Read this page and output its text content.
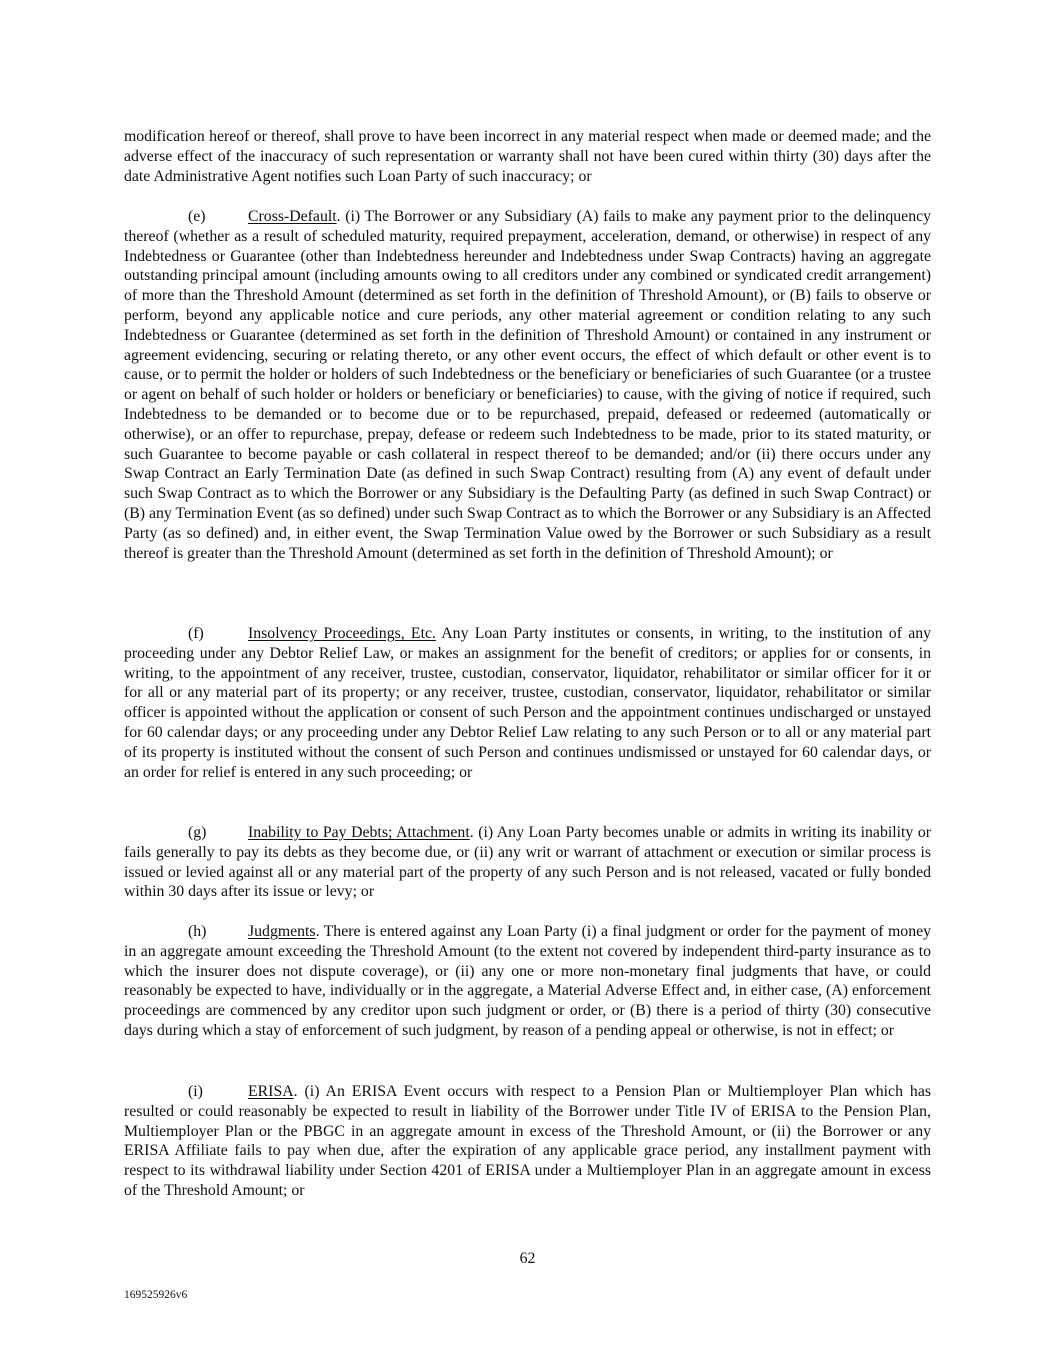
modification hereof or thereof, shall prove to have been incorrect in any material respect when made or deemed made; and the adverse effect of the inaccuracy of such representation or warranty shall not have been cured within thirty (30) days after the date Administrative Agent notifies such Loan Party of such inaccuracy; or

(e)	Cross-Default. (i) The Borrower or any Subsidiary (A) fails to make any payment prior to the delinquency thereof (whether as a result of scheduled maturity, required prepayment, acceleration, demand, or otherwise) in respect of any Indebtedness or Guarantee (other than Indebtedness hereunder and Indebtedness under Swap Contracts) having an aggregate outstanding principal amount (including amounts owing to all creditors under any combined or syndicated credit arrangement) of more than the Threshold Amount (determined as set forth in the definition of Threshold Amount), or (B) fails to observe or perform, beyond any applicable notice and cure periods, any other material agreement or condition relating to any such Indebtedness or Guarantee (determined as set forth in the definition of Threshold Amount) or contained in any instrument or agreement evidencing, securing or relating thereto, or any other event occurs, the effect of which default or other event is to cause, or to permit the holder or holders of such Indebtedness or the beneficiary or beneficiaries of such Guarantee (or a trustee or agent on behalf of such holder or holders or beneficiary or beneficiaries) to cause, with the giving of notice if required, such Indebtedness to be demanded or to become due or to be repurchased, prepaid, defeased or redeemed (automatically or otherwise), or an offer to repurchase, prepay, defease or redeem such Indebtedness to be made, prior to its stated maturity, or such Guarantee to become payable or cash collateral in respect thereof to be demanded; and/or (ii) there occurs under any Swap Contract an Early Termination Date (as defined in such Swap Contract) resulting from (A) any event of default under such Swap Contract as to which the Borrower or any Subsidiary is the Defaulting Party (as defined in such Swap Contract) or (B) any Termination Event (as so defined) under such Swap Contract as to which the Borrower or any Subsidiary is an Affected Party (as so defined) and, in either event, the Swap Termination Value owed by the Borrower or such Subsidiary as a result thereof is greater than the Threshold Amount (determined as set forth in the definition of Threshold Amount); or

(f)	Insolvency Proceedings, Etc. Any Loan Party institutes or consents, in writing, to the institution of any proceeding under any Debtor Relief Law, or makes an assignment for the benefit of creditors; or applies for or consents, in writing, to the appointment of any receiver, trustee, custodian, conservator, liquidator, rehabilitator or similar officer for it or for all or any material part of its property; or any receiver, trustee, custodian, conservator, liquidator, rehabilitator or similar officer is appointed without the application or consent of such Person and the appointment continues undischarged or unstayed for 60 calendar days; or any proceeding under any Debtor Relief Law relating to any such Person or to all or any material part of its property is instituted without the consent of such Person and continues undismissed or unstayed for 60 calendar days, or an order for relief is entered in any such proceeding; or

(g)	Inability to Pay Debts; Attachment. (i) Any Loan Party becomes unable or admits in writing its inability or fails generally to pay its debts as they become due, or (ii) any writ or warrant of attachment or execution or similar process is issued or levied against all or any material part of the property of any such Person and is not released, vacated or fully bonded within 30 days after its issue or levy; or

(h)	Judgments. There is entered against any Loan Party (i) a final judgment or order for the payment of money in an aggregate amount exceeding the Threshold Amount (to the extent not covered by independent third-party insurance as to which the insurer does not dispute coverage), or (ii) any one or more non-monetary final judgments that have, or could reasonably be expected to have, individually or in the aggregate, a Material Adverse Effect and, in either case, (A) enforcement proceedings are commenced by any creditor upon such judgment or order, or (B) there is a period of thirty (30) consecutive days during which a stay of enforcement of such judgment, by reason of a pending appeal or otherwise, is not in effect; or

(i)	ERISA. (i) An ERISA Event occurs with respect to a Pension Plan or Multiemployer Plan which has resulted or could reasonably be expected to result in liability of the Borrower under Title IV of ERISA to the Pension Plan, Multiemployer Plan or the PBGC in an aggregate amount in excess of the Threshold Amount, or (ii) the Borrower or any ERISA Affiliate fails to pay when due, after the expiration of any applicable grace period, any installment payment with respect to its withdrawal liability under Section 4201 of ERISA under a Multiemployer Plan in an aggregate amount in excess of the Threshold Amount; or

62

169525926v6
